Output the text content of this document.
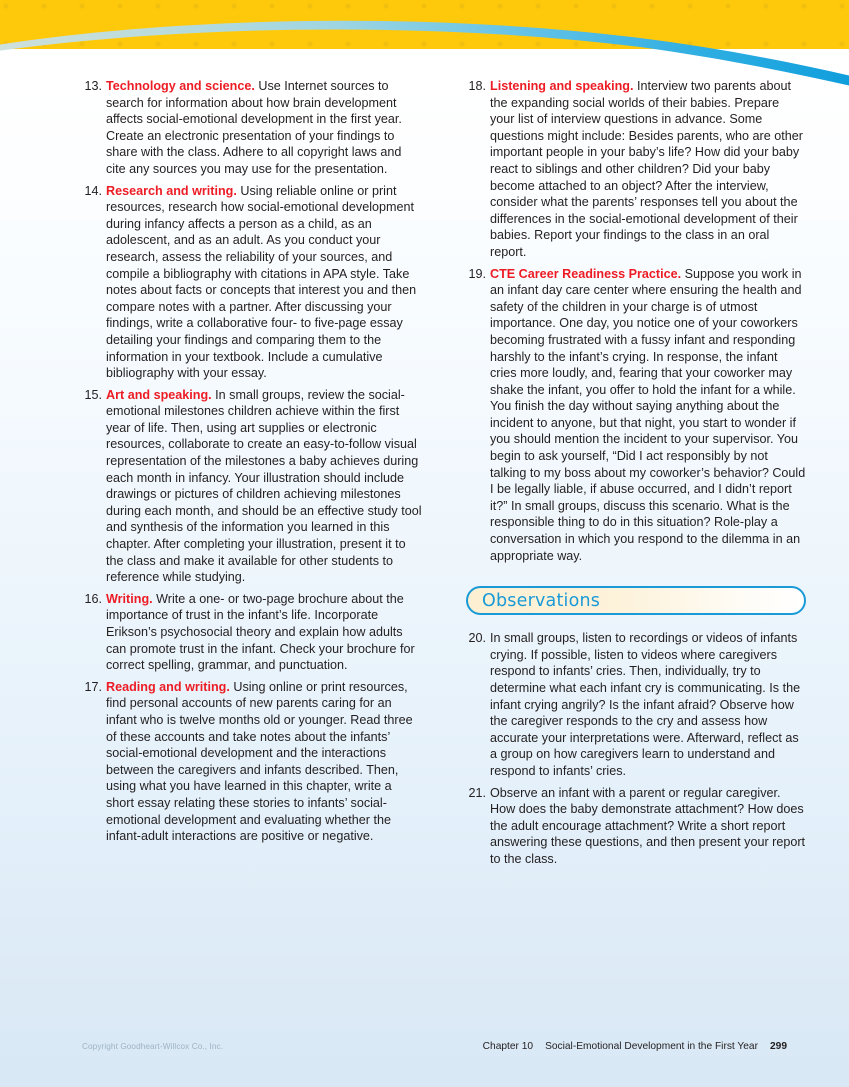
13. Technology and science. Use Internet sources to search for information about how brain development affects social-emotional development in the first year. Create an electronic presentation of your findings to share with the class. Adhere to all copyright laws and cite any sources you may use for the presentation.
14. Research and writing. Using reliable online or print resources, research how social-emotional development during infancy affects a person as a child, as an adolescent, and as an adult. As you conduct your research, assess the reliability of your sources, and compile a bibliography with citations in APA style. Take notes about facts or concepts that interest you and then compare notes with a partner. After discussing your findings, write a collaborative four- to five-page essay detailing your findings and comparing them to the information in your textbook. Include a cumulative bibliography with your essay.
15. Art and speaking. In small groups, review the social-emotional milestones children achieve within the first year of life. Then, using art supplies or electronic resources, collaborate to create an easy-to-follow visual representation of the milestones a baby achieves during each month in infancy. Your illustration should include drawings or pictures of children achieving milestones during each month, and should be an effective study tool and synthesis of the information you learned in this chapter. After completing your illustration, present it to the class and make it available for other students to reference while studying.
16. Writing. Write a one- or two-page brochure about the importance of trust in the infant’s life. Incorporate Erikson’s psychosocial theory and explain how adults can promote trust in the infant. Check your brochure for correct spelling, grammar, and punctuation.
17. Reading and writing. Using online or print resources, find personal accounts of new parents caring for an infant who is twelve months old or younger. Read three of these accounts and take notes about the infants’ social-emotional development and the interactions between the caregivers and infants described. Then, using what you have learned in this chapter, write a short essay relating these stories to infants’ social-emotional development and evaluating whether the infant-adult interactions are positive or negative.
18. Listening and speaking. Interview two parents about the expanding social worlds of their babies. Prepare your list of interview questions in advance. Some questions might include: Besides parents, who are other important people in your baby’s life? How did your baby react to siblings and other children? Did your baby become attached to an object? After the interview, consider what the parents’ responses tell you about the differences in the social-emotional development of their babies. Report your findings to the class in an oral report.
19. CTE Career Readiness Practice. Suppose you work in an infant day care center where ensuring the health and safety of the children in your charge is of utmost importance. One day, you notice one of your coworkers becoming frustrated with a fussy infant and responding harshly to the infant’s crying. In response, the infant cries more loudly, and, fearing that your coworker may shake the infant, you offer to hold the infant for a while. You finish the day without saying anything about the incident to anyone, but that night, you start to wonder if you should mention the incident to your supervisor. You begin to ask yourself, “Did I act responsibly by not talking to my boss about my coworker’s behavior? Could I be legally liable, if abuse occurred, and I didn’t report it?” In small groups, discuss this scenario. What is the responsible thing to do in this situation? Role-play a conversation in which you respond to the dilemma in an appropriate way.
Observations
20. In small groups, listen to recordings or videos of infants crying. If possible, listen to videos where caregivers respond to infants’ cries. Then, individually, try to determine what each infant cry is communicating. Is the infant crying angrily? Is the infant afraid? Observe how the caregiver responds to the cry and assess how accurate your interpretations were. Afterward, reflect as a group on how caregivers learn to understand and respond to infants’ cries.
21. Observe an infant with a parent or regular caregiver. How does the baby demonstrate attachment? How does the adult encourage attachment? Write a short report answering these questions, and then present your report to the class.
Copyright Goodheart-Willcox Co., Inc.	Chapter 10 Social-Emotional Development in the First Year 299
